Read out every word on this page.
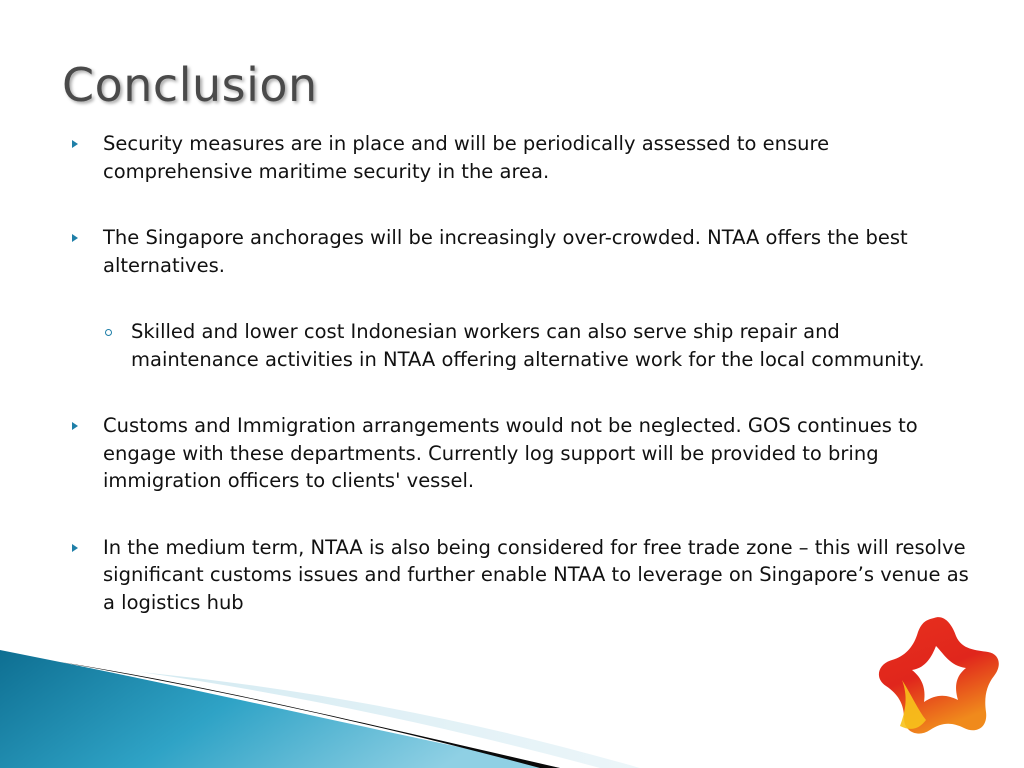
Conclusion
Security measures are in place and will be periodically assessed to ensure comprehensive maritime security in the area.
The Singapore anchorages will be increasingly over-crowded. NTAA offers the best alternatives.
Skilled and lower cost Indonesian workers can also serve ship repair and maintenance activities in NTAA offering alternative work for the local community.
Customs and Immigration arrangements would not be neglected. GOS continues to engage with these departments. Currently log support will be provided to bring immigration officers to clients' vessel.
In the medium term, NTAA is also being considered for free trade zone – this will resolve significant customs issues and further enable NTAA to leverage on Singapore’s venue as a logistics hub
